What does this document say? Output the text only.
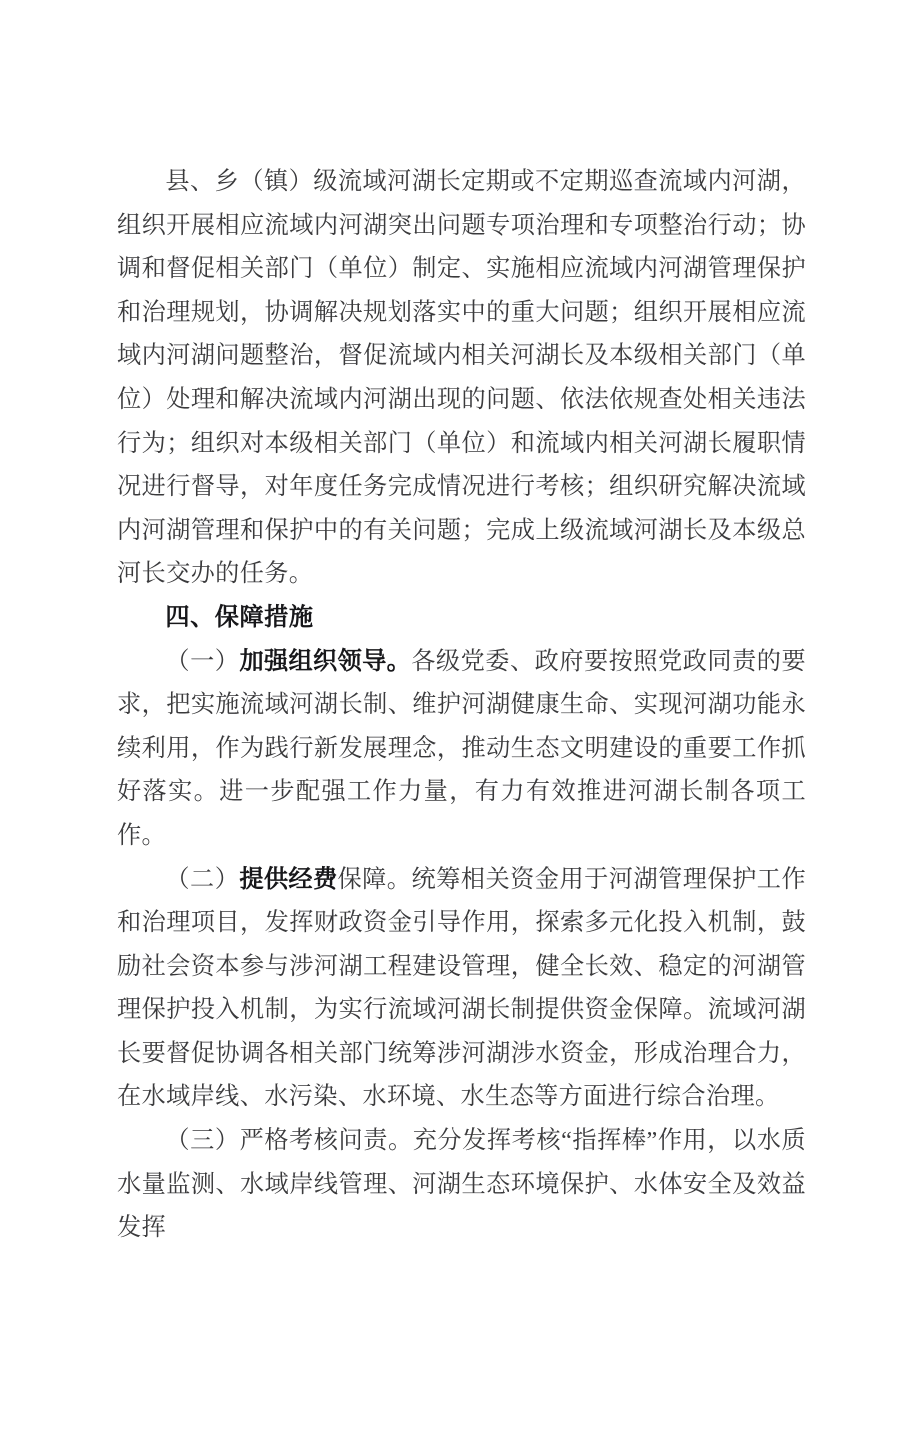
县、乡（镇）级流域河湖长定期或不定期巡查流域内河湖，组织开展相应流域内河湖突出问题专项治理和专项整治行动；协调和督促相关部门（单位）制定、实施相应流域内河湖管理保护和治理规划，协调解决规划落实中的重大问题；组织开展相应流域内河湖问题整治，督促流域内相关河湖长及本级相关部门（单位）处理和解决流域内河湖出现的问题、依法依规查处相关违法行为；组织对本级相关部门（单位）和流域内相关河湖长履职情况进行督导，对年度任务完成情况进行考核；组织研究解决流域内河湖管理和保护中的有关问题；完成上级流域河湖长及本级总河长交办的任务。

四、保障措施

（一）加强组织领导。各级党委、政府要按照党政同责的要求，把实施流域河湖长制、维护河湖健康生命、实现河湖功能永续利用，作为践行新发展理念，推动生态文明建设的重要工作抓好落实。进一步配强工作力量，有力有效推进河湖长制各项工作。

（二）提供经费保障。统筹相关资金用于河湖管理保护工作和治理项目，发挥财政资金引导作用，探索多元化投入机制，鼓励社会资本参与涉河湖工程建设管理，健全长效、稳定的河湖管理保护投入机制，为实行流域河湖长制提供资金保障。流域河湖长要督促协调各相关部门统筹涉河湖涉水资金，形成治理合力，在水域岸线、水污染、水环境、水生态等方面进行综合治理。

（三）严格考核问责。充分发挥考核“指挥棒”作用，以水质水量监测、水域岸线管理、河湖生态环境保护、水体安全及效益发挥
